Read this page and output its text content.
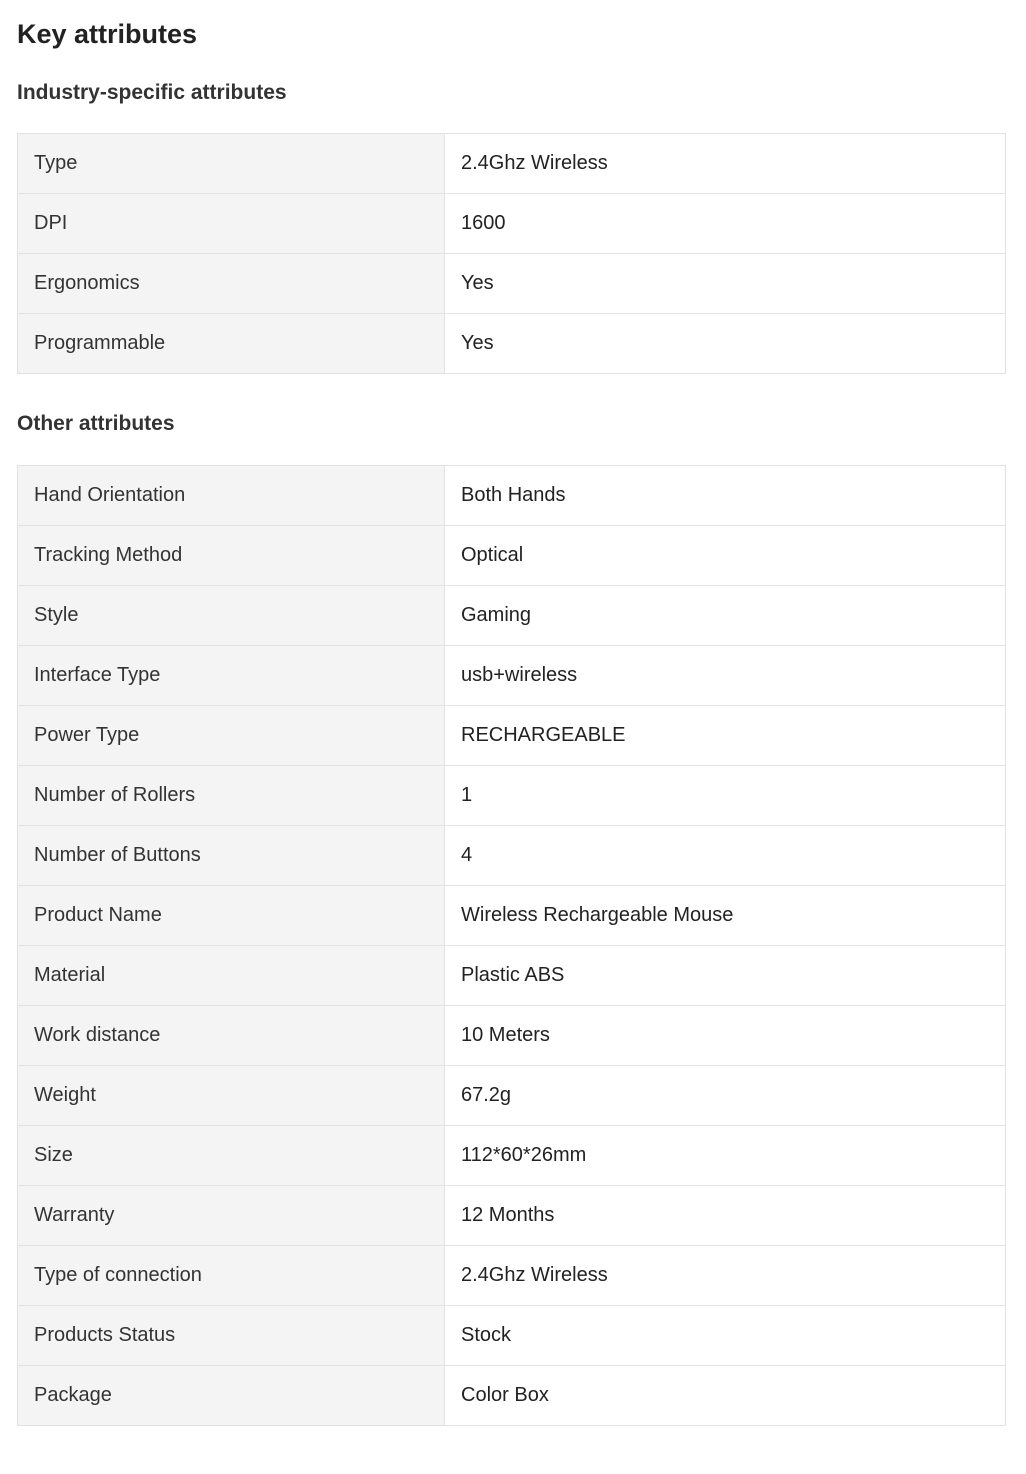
Key attributes
Industry-specific attributes
Type	2.4Ghz Wireless
DPI	1600
Ergonomics	Yes
Programmable	Yes
Other attributes
Hand Orientation	Both Hands
Tracking Method	Optical
Style	Gaming
Interface Type	usb+wireless
Power Type	RECHARGEABLE
Number of Rollers	1
Number of Buttons	4
Product Name	Wireless Rechargeable Mouse
Material	Plastic ABS
Work distance	10 Meters
Weight	67.2g
Size	112*60*26mm
Warranty	12 Months
Type of connection	2.4Ghz Wireless
Products Status	Stock
Package	Color Box
